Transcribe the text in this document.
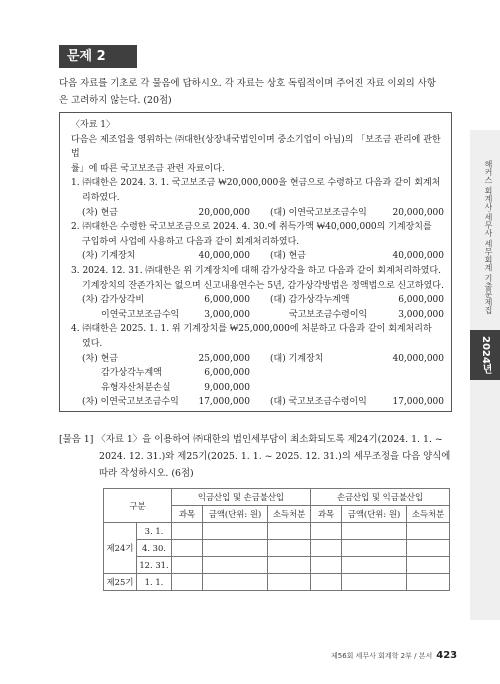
문제 2
다음 자료를 기초로 각 물음에 답하시오. 각 자료는 상호 독립적이며 주어진 자료 이외의 사항
은 고려하지 않는다. (20점)
〈자료 1〉
다음은 제조업을 영위하는 ㈜대한(상장내국법인이며 중소기업이 아님)의 「보조금 관리에 관한 법
률」에 따른 국고보조금 관련 자료이다.
1. ㈜대한은 2024. 3. 1. 국고보조금 ₩20,000,000을 현금으로 수령하고 다음과 같이 회계처
리하였다.
(차) 현금	20,000,000 (대) 이연국고보조금수익	20,000,000
2. ㈜대한은 수령한 국고보조금으로 2024. 4. 30.에 취득가액 ₩40,000,000의 기계장치를
구입하여 사업에 사용하고 다음과 같이 회계처리하였다.
(차) 기계장치	40,000,000 (대) 현금	40,000,000
3. 2024. 12. 31. ㈜대한은 위 기계장치에 대해 감가상각을 하고 다음과 같이 회계처리하였다.
기계장치의 잔존가치는 없으며 신고내용연수는 5년, 감가상각방법은 정액법으로 신고하였다.
(차) 감가상각비	6,000,000 (대) 감가상각누계액	6,000,000
이연국고보조금수익	3,000,000	국고보조금수령이익	3,000,000
4. ㈜대한은 2025. 1. 1. 위 기계장치를 ₩25,000,000에 처분하고 다음과 같이 회계처리하
였다.
(차) 현금	25,000,000 (대) 기계장치	40,000,000
감가상각누계액	6,000,000
유형자산처분손실	9,000,000
(차) 이연국고보조금수익	17,000,000 (대) 국고보조금수령이익	17,000,000
해커스 회계사·세무사 세무회계 기출문제집
2024년
[물음 1] 〈자료 1〉을 이용하여 ㈜대한의 법인세부담이 최소화되도록 제24기(2024. 1. 1. ~
2024. 12. 31.)와 제25기(2025. 1. 1. ~ 2025. 12. 31.)의 세무조정을 다음 양식에
따라 작성하시오. (6점)
구분		익금산입 및 손금불산입			손금산입 및 익금불산입		
		과목	금액(단위: 원)	소득처분	과목	금액(단위: 원)	소득처분
제24기	3. 1.						
	4. 30.						
	12. 31.						
제25기	1. 1.						
제56회 세무사 회계학 2부 / 본서 423
